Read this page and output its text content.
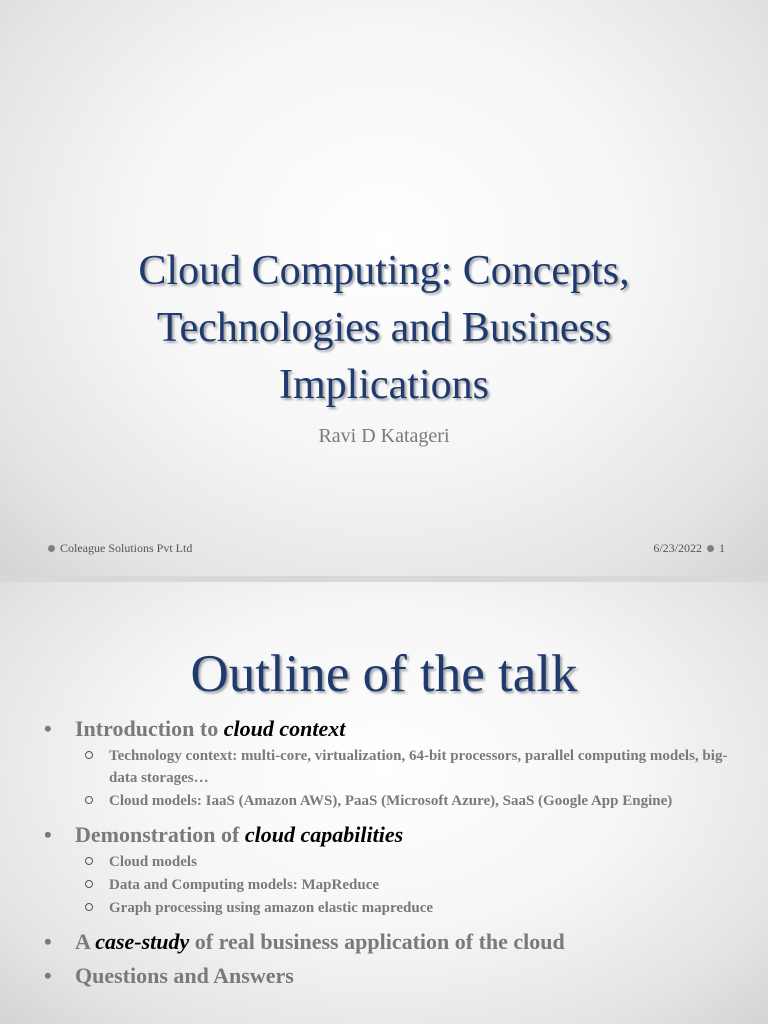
Cloud Computing: Concepts,
Technologies and Business
Implications
Ravi D Katageri
Coleague Solutions Pvt Ltd	6/23/2022 1
Outline of the talk
• Introduction to cloud context
Technology context: multi-core, virtualization, 64-bit processors, parallel computing models, big-data storages…
Cloud models: IaaS (Amazon AWS), PaaS (Microsoft Azure), SaaS (Google App Engine)
• Demonstration of cloud capabilities
Cloud models
Data and Computing models: MapReduce
Graph processing using amazon elastic mapreduce
• A case-study of real business application of the cloud
• Questions and Answers
